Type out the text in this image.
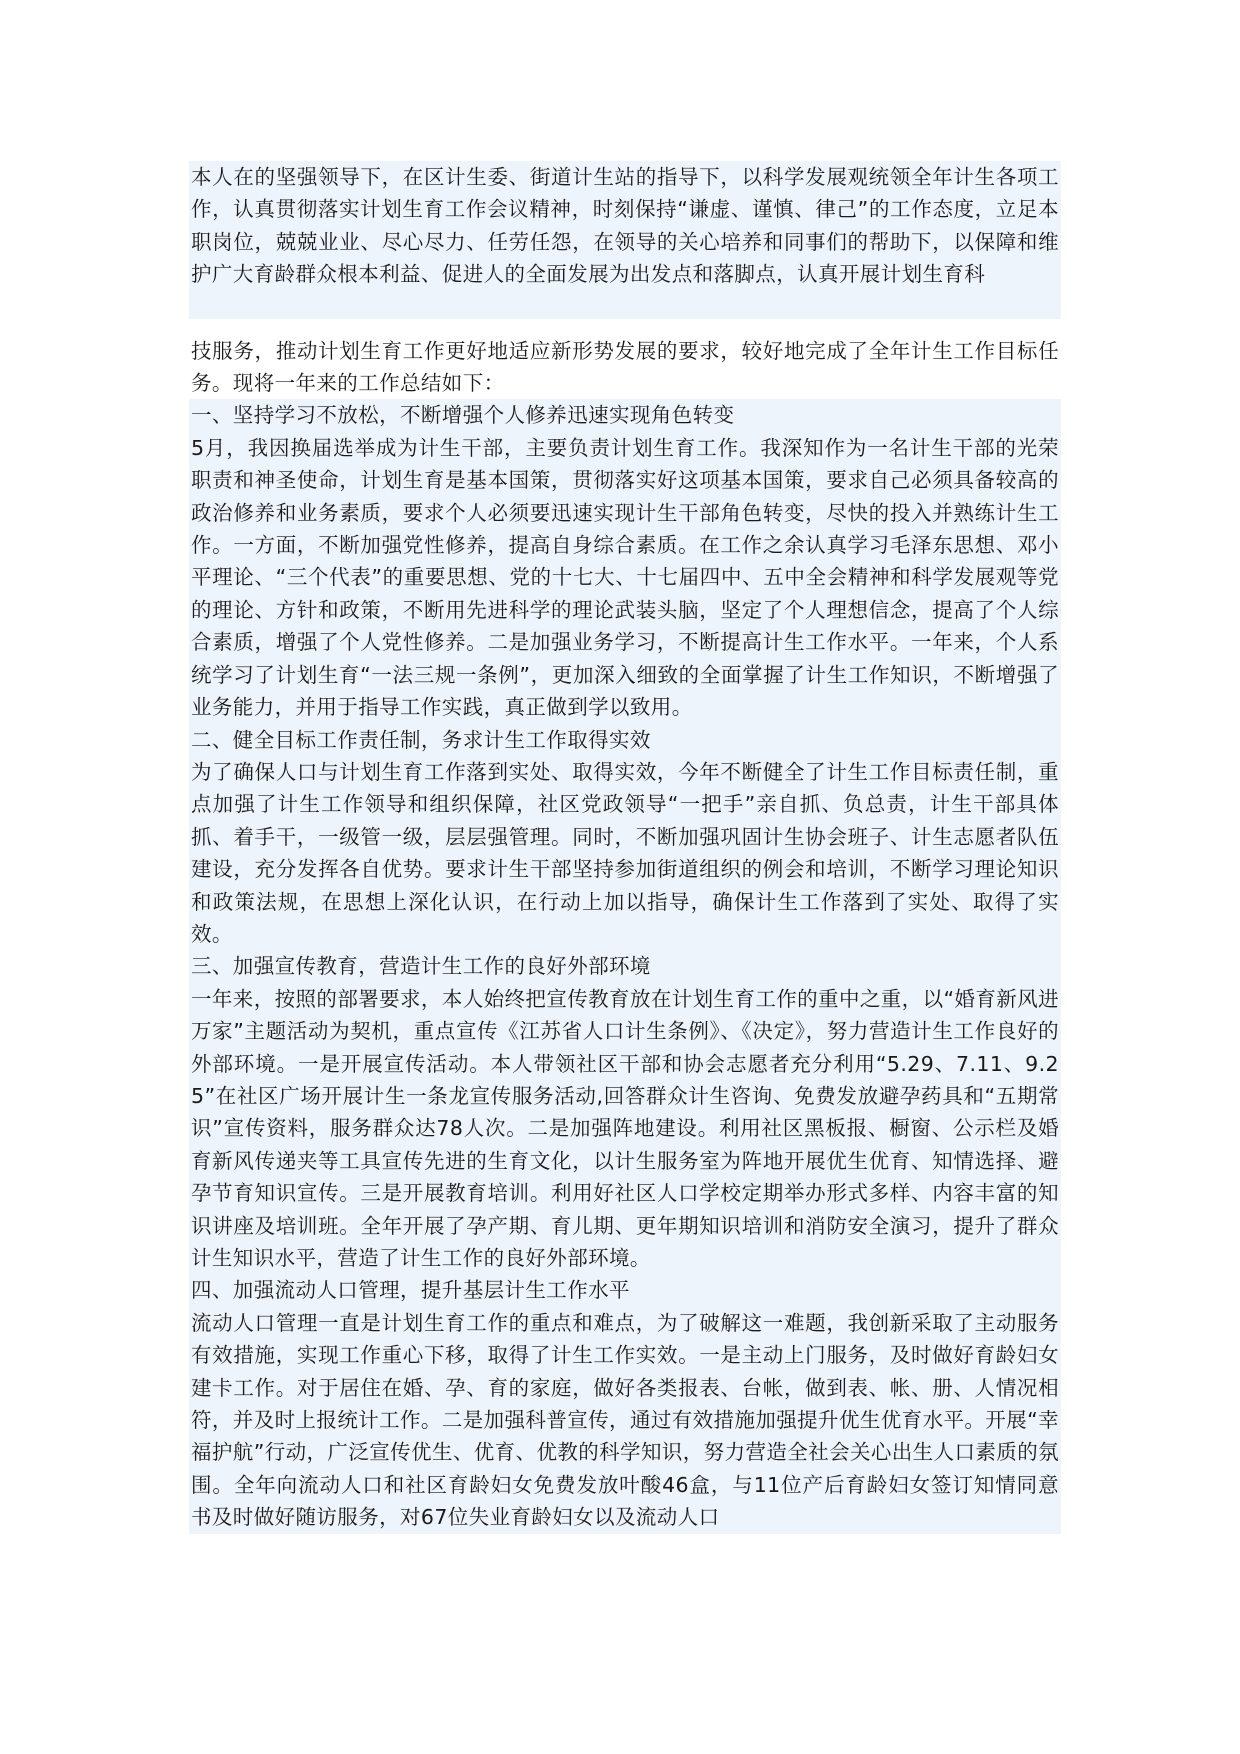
本人在的坚强领导下，在区计生委、街道计生站的指导下，以科学发展观统领全年计生各项工作，认真贯彻落实计划生育工作会议精神，时刻保持“谦虚、谨慎、律己”的工作态度，立足本职岗位，兢兢业业、尽心尽力、任劳任怨，在领导的关心培养和同事们的帮助下，以保障和维护广大育龄群众根本利益、促进人的全面发展为出发点和落脚点，认真开展计划生育科

技服务，推动计划生育工作更好地适应新形势发展的要求，较好地完成了全年计生工作目标任务。现将一年来的工作总结如下：

一、坚持学习不放松，不断增强个人修养迅速实现角色转变

5月，我因换届选举成为计生干部，主要负责计划生育工作。我深知作为一名计生干部的光荣职责和神圣使命，计划生育是基本国策，贯彻落实好这项基本国策，要求自己必须具备较高的政治修养和业务素质，要求个人必须要迅速实现计生干部角色转变，尽快的投入并熟练计生工作。一方面，不断加强党性修养，提高自身综合素质。在工作之余认真学习毛泽东思想、邓小平理论、“三个代表”的重要思想、党的十七大、十七届四中、五中全会精神和科学发展观等党的理论、方针和政策，不断用先进科学的理论武装头脑，坚定了个人理想信念，提高了个人综合素质，增强了个人党性修养。二是加强业务学习，不断提高计生工作水平。一年来，个人系统学习了计划生育“一法三规一条例”，更加深入细致的全面掌握了计生工作知识，不断增强了业务能力，并用于指导工作实践，真正做到学以致用。

二、健全目标工作责任制，务求计生工作取得实效

为了确保人口与计划生育工作落到实处、取得实效，今年不断健全了计生工作目标责任制，重点加强了计生工作领导和组织保障，社区党政领导“一把手”亲自抓、负总责，计生干部具体抓、着手干，一级管一级，层层强管理。同时，不断加强巩固计生协会班子、计生志愿者队伍建设，充分发挥各自优势。要求计生干部坚持参加街道组织的例会和培训，不断学习理论知识和政策法规，在思想上深化认识，在行动上加以指导，确保计生工作落到了实处、取得了实效。

三、加强宣传教育，营造计生工作的良好外部环境

一年来，按照的部署要求，本人始终把宣传教育放在计划生育工作的重中之重，以“婚育新风进万家”主题活动为契机，重点宣传《江苏省人口计生条例》、《决定》，努力营造计生工作良好的外部环境。一是开展宣传活动。本人带领社区干部和协会志愿者充分利用“5.29、7.11、9.25”在社区广场开展计生一条龙宣传服务活动,回答群众计生咨询、免费发放避孕药具和“五期常识”宣传资料，服务群众达78人次。二是加强阵地建设。利用社区黑板报、橱窗、公示栏及婚育新风传递夹等工具宣传先进的生育文化，以计生服务室为阵地开展优生优育、知情选择、避孕节育知识宣传。三是开展教育培训。利用好社区人口学校定期举办形式多样、内容丰富的知识讲座及培训班。全年开展了孕产期、育儿期、更年期知识培训和消防安全演习，提升了群众计生知识水平，营造了计生工作的良好外部环境。

四、加强流动人口管理，提升基层计生工作水平

流动人口管理一直是计划生育工作的重点和难点，为了破解这一难题，我创新采取了主动服务有效措施，实现工作重心下移，取得了计生工作实效。一是主动上门服务，及时做好育龄妇女建卡工作。对于居住在婚、孕、育的家庭，做好各类报表、台帐，做到表、帐、册、人情况相符，并及时上报统计工作。二是加强科普宣传，通过有效措施加强提升优生优育水平。开展“幸福护航”行动，广泛宣传优生、优育、优教的科学知识，努力营造全社会关心出生人口素质的氛围。全年向流动人口和社区育龄妇女免费发放叶酸46盒，与11位产后育龄妇女签订知情同意书及时做好随访服务，对67位失业育龄妇女以及流动人口
